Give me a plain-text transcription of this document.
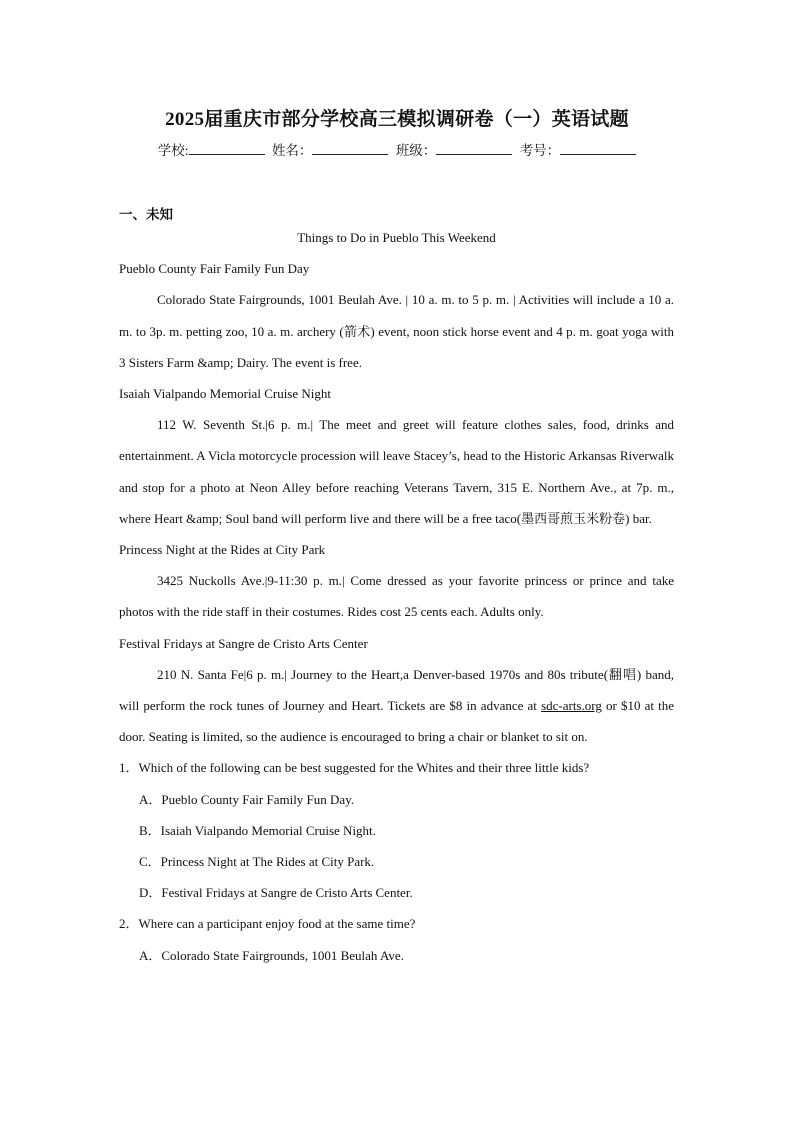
2025届重庆市部分学校高三模拟调研卷（一）英语试题
学校:	姓名：	班级：	考号：
一、未知

Things to Do in Pueblo This Weekend

Pueblo County Fair Family Fun Day

Colorado State Fairgrounds, 1001 Beulah Ave. | 10 a. m. to 5 p. m. | Activities will include a 10 a. m. to 3p. m. petting zoo, 10 a. m. archery (箭术) event, noon stick horse event and 4 p. m. goat yoga with 3 Sisters Farm &amp; Dairy. The event is free.

Isaiah Vialpando Memorial Cruise Night

112 W. Seventh St.|6 p. m.| The meet and greet will feature clothes sales, food, drinks and entertainment. A Vicla motorcycle procession will leave Stacey’s, head to the Historic Arkansas Riverwalk and stop for a photo at Neon Alley before reaching Veterans Tavern, 315 E. Northern Ave., at 7p. m., where Heart &amp; Soul band will perform live and there will be a free taco(墨西哥煎玉米粉卷) bar.

Princess Night at the Rides at City Park

3425 Nuckolls Ave.|9-11:30 p. m.| Come dressed as your favorite princess or prince and take photos with the ride staff in their costumes. Rides cost 25 cents each. Adults only.

Festival Fridays at Sangre de Cristo Arts Center

210 N. Santa Fe|6 p. m.| Journey to the Heart,a Denver-based 1970s and 80s tribute(翻唱) band, will perform the rock tunes of Journey and Heart. Tickets are $8 in advance at sdc-arts.org or $10 at the door. Seating is limited, so the audience is encouraged to bring a chair or blanket to sit on.

1．Which of the following can be best suggested for the Whites and their three little kids?

A．Pueblo County Fair Family Fun Day.

B．Isaiah Vialpando Memorial Cruise Night.

C．Princess Night at The Rides at City Park.

D．Festival Fridays at Sangre de Cristo Arts Center.

2．Where can a participant enjoy food at the same time?

A．Colorado State Fairgrounds, 1001 Beulah Ave.
